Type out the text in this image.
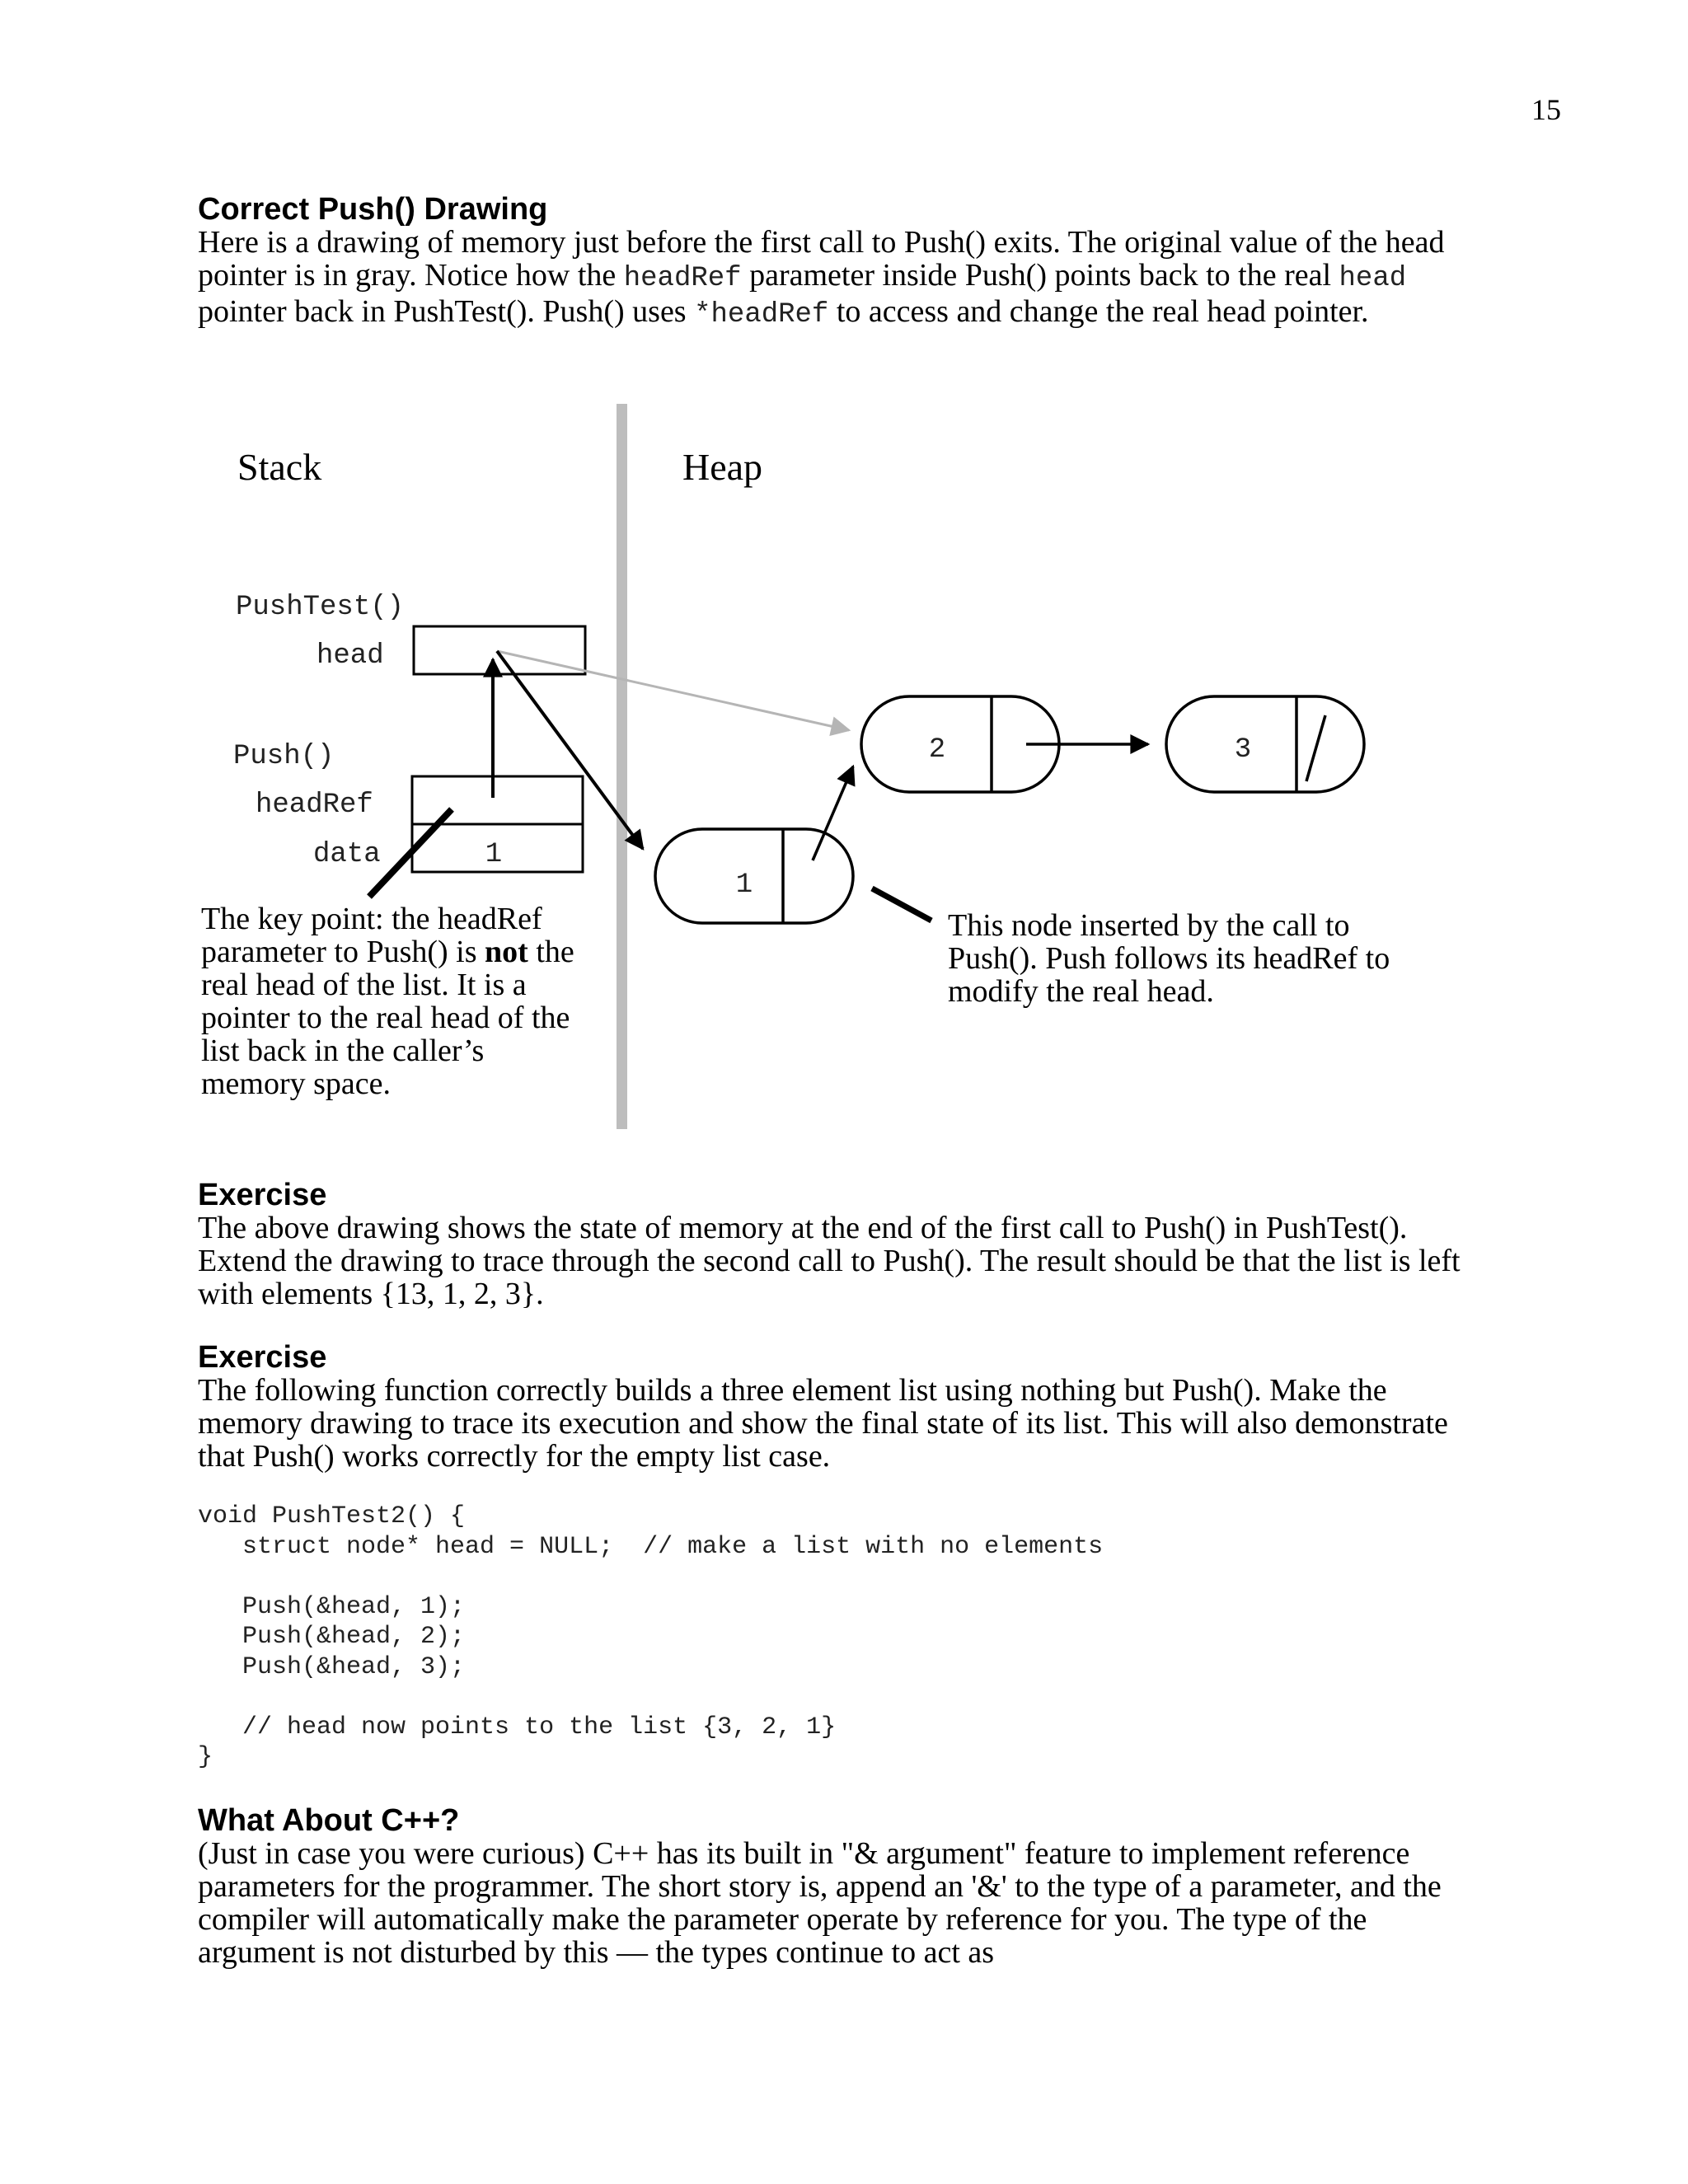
15
Correct Push() Drawing

Here is a drawing of memory just before the first call to Push() exits. The original value of the head pointer is in gray. Notice how the headRef parameter inside Push() points back to the real head pointer back in PushTest(). Push() uses *headRef to access and change the real head pointer.

Stack	Heap
PushTest()
head
Push()
headRef
data	1
1
2	3
The key point: the headRef parameter to Push() is not the real head of the list. It is a pointer to the real head of the list back in the caller’s memory space.
This node inserted by the call to Push(). Push follows its headRef to modify the real head.
Exercise

The above drawing shows the state of memory at the end of the first call to Push() in PushTest(). Extend the drawing to trace through the second call to Push(). The result should be that the list is left with elements {13, 1, 2, 3}.

Exercise

The following function correctly builds a three element list using nothing but Push(). Make the memory drawing to trace its execution and show the final state of its list. This will also demonstrate that Push() works correctly for the empty list case.

void PushTest2() {
struct node* head = NULL;  // make a list with no elements

Push(&head, 1);
Push(&head, 2);
Push(&head, 3);

// head now points to the list {3, 2, 1}
}
What About C++?

(Just in case you were curious) C++ has its built in "& argument" feature to implement reference parameters for the programmer. The short story is, append an '&' to the type of a parameter, and the compiler will automatically make the parameter operate by reference for you. The type of the argument is not disturbed by this — the types continue to act as
